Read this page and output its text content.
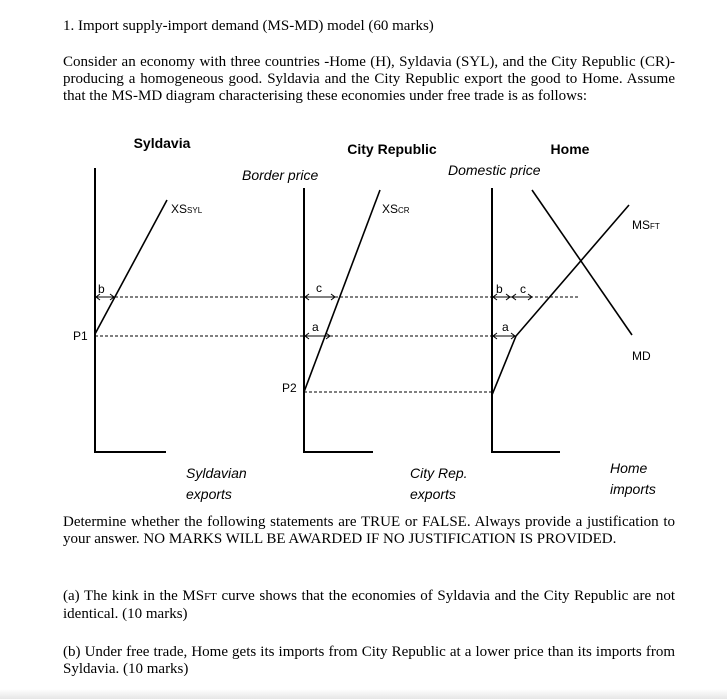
1. Import supply-import demand (MS-MD) model (60 marks)
Consider an economy with three countries -Home (H), Syldavia (SYL), and the City Republic (CR)- producing a homogeneous good. Syldavia and the City Republic export the good to Home. Assume that the MS-MD diagram characterising these economies under free trade is as follows:
Syldavia	City Republic	Home
Border price	Domestic price
XSSYL	XSCR
MSFT
MD
P1
P2
b	c
a
b c
a
Syldavian
exports
City Rep.
exports
Home
imports
Determine whether the following statements are TRUE or FALSE. Always provide a justification to your answer. NO MARKS WILL BE AWARDED IF NO JUSTIFICATION IS PROVIDED.
(a) The kink in the MSFT curve shows that the economies of Syldavia and the City Republic are not identical. (10 marks)
(b) Under free trade, Home gets its imports from City Republic at a lower price than its imports from Syldavia. (10 marks)
